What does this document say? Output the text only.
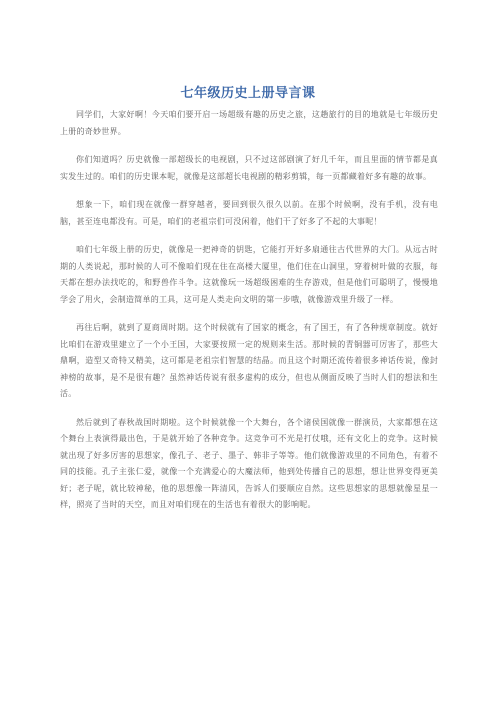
七年级历史上册导言课

同学们，大家好啊！今天咱们要开启一场超级有趣的历史之旅，这趟旅行的目的地就是七年级历史上册的奇妙世界。

你们知道吗？历史就像一部超级长的电视剧，只不过这部剧演了好几千年，而且里面的情节都是真实发生过的。咱们的历史课本呢，就像是这部超长电视剧的精彩剪辑，每一页都藏着好多有趣的故事。

想象一下，咱们现在就像一群穿越者，要回到很久很久以前。在那个时候啊，没有手机，没有电脑，甚至连电都没有。可是，咱们的老祖宗们可没闲着，他们干了好多了不起的大事呢！

咱们七年级上册的历史，就像是一把神奇的钥匙，它能打开好多扇通往古代世界的大门。从远古时期的人类说起，那时候的人可不像咱们现在住在高楼大厦里，他们住在山洞里，穿着树叶做的衣服，每天都在想办法找吃的，和野兽作斗争。这就像玩一场超级困难的生存游戏，但是他们可聪明了，慢慢地学会了用火，会制造简单的工具，这可是人类走向文明的第一步哦，就像游戏里升级了一样。

再往后啊，就到了夏商周时期。这个时候就有了国家的概念，有了国王，有了各种规章制度。就好比咱们在游戏里建立了一个小王国，大家要按照一定的规则来生活。那时候的青铜器可厉害了，那些大鼎啊，造型又奇特又精美，这可都是老祖宗们智慧的结晶。而且这个时期还流传着很多神话传说，像封神榜的故事，是不是很有趣？虽然神话传说有很多虚构的成分，但也从侧面反映了当时人们的想法和生活。

然后就到了春秋战国时期啦。这个时候就像一个大舞台，各个诸侯国就像一群演员，大家都想在这个舞台上表演得最出色，于是就开始了各种竞争。这竞争可不光是打仗哦，还有文化上的竞争。这时候就出现了好多厉害的思想家，像孔子、老子、墨子、韩非子等等。他们就像游戏里的不同角色，有着不同的技能。孔子主张仁爱，就像一个充满爱心的大魔法师，他到处传播自己的思想，想让世界变得更美好；老子呢，就比较神秘，他的思想像一阵清风，告诉人们要顺应自然。这些思想家的思想就像星星一样，照亮了当时的天空，而且对咱们现在的生活也有着很大的影响呢。
